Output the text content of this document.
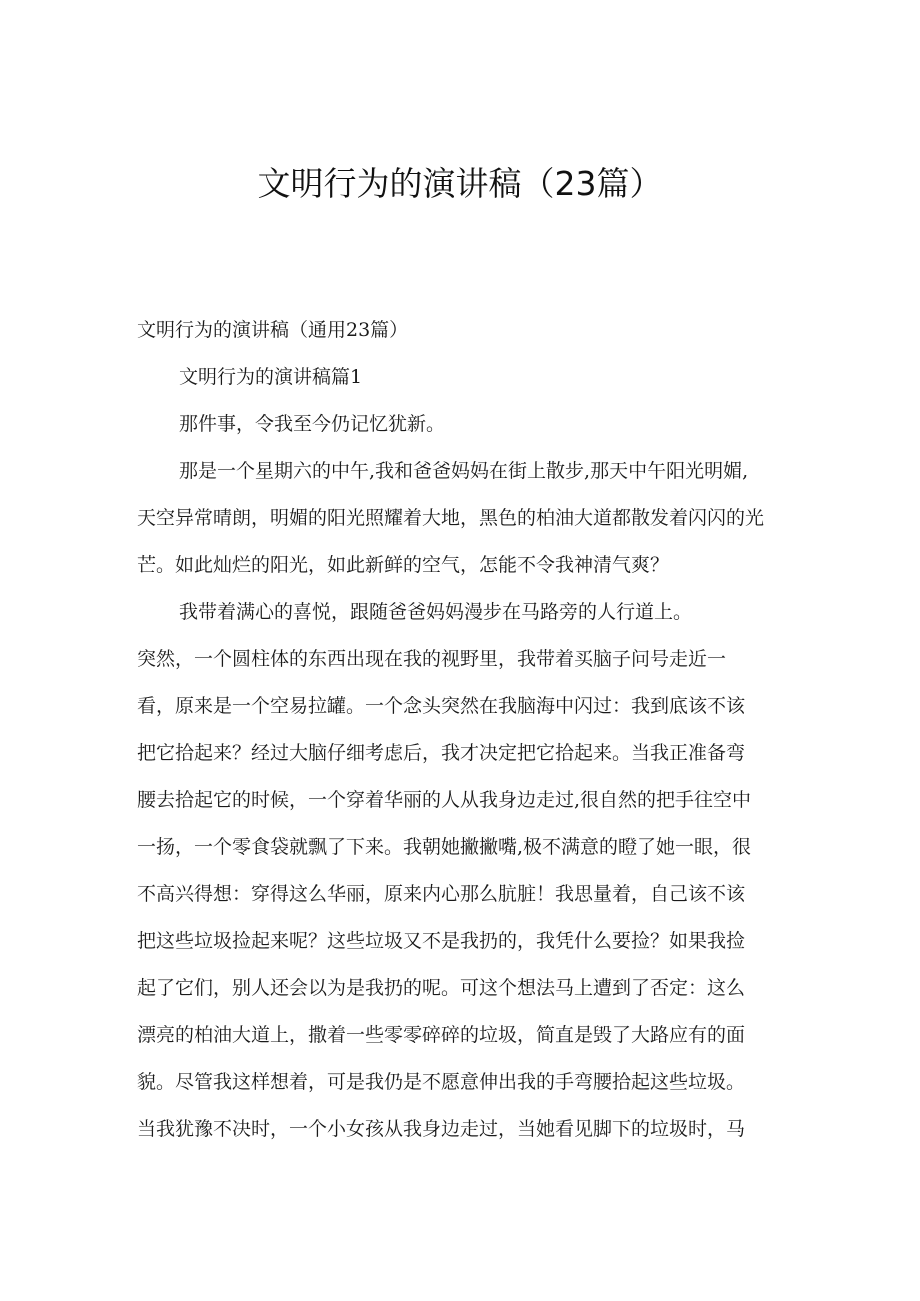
文明行为的演讲稿（23篇）

文明行为的演讲稿（通用23篇）

文明行为的演讲稿篇1

那件事，令我至今仍记忆犹新。

那是一个星期六的中午,我和爸爸妈妈在街上散步,那天中午阳光明媚,
天空异常晴朗，明媚的阳光照耀着大地，黑色的柏油大道都散发着闪闪的光
芒。如此灿烂的阳光，如此新鲜的空气，怎能不令我神清气爽？

我带着满心的喜悦，跟随爸爸妈妈漫步在马路旁的人行道上。

突然，一个圆柱体的东西出现在我的视野里，我带着买脑子问号走近一
看，原来是一个空易拉罐。一个念头突然在我脑海中闪过：我到底该不该
把它拾起来？经过大脑仔细考虑后，我才决定把它拾起来。当我正准备弯
腰去拾起它的时候，一个穿着华丽的人从我身边走过,很自然的把手往空中
一扬，一个零食袋就飘了下来。我朝她撇撇嘴,极不满意的瞪了她一眼，很
不高兴得想：穿得这么华丽，原来内心那么肮脏！我思量着，自己该不该
把这些垃圾捡起来呢？这些垃圾又不是我扔的，我凭什么要捡？如果我捡
起了它们，别人还会以为是我扔的呢。可这个想法马上遭到了否定：这么
漂亮的柏油大道上，撒着一些零零碎碎的垃圾，简直是毁了大路应有的面
貌。尽管我这样想着，可是我仍是不愿意伸出我的手弯腰拾起这些垃圾。
当我犹豫不决时，一个小女孩从我身边走过，当她看见脚下的垃圾时，马
